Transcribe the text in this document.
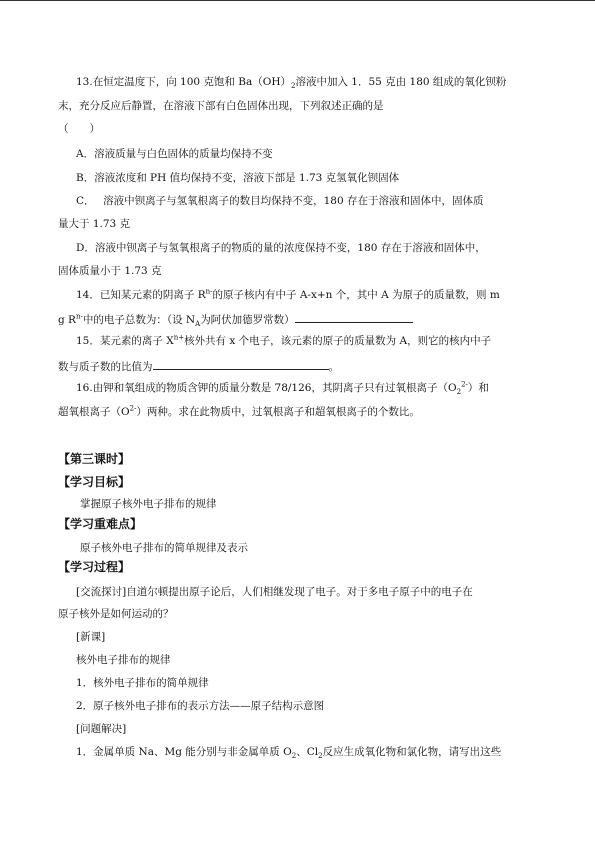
13.在恒定温度下，向 100 克饱和 $Ba(OH)_2$溶液中加入 1．55 克由 180 组成的氧化钡粉
末，充分反应后静置，在溶液下部有白色固体出现，下列叙述正确的是
（　　）
A．溶液质量与白色固体的质量均保持不变
B．溶液浓度和 PH 值均保持不变，溶液下部是 1.73 克氢氧化钡固体
C．　 溶液中钡离子与氢氧根离子的数目均保持不变，180 存在于溶液和固体中，固体质
量大于 1.73 克
D．溶液中钡离子与氢氧根离子的物质的量的浓度保持不变，180 存在于溶液和固体中，
固体质量小于 1.73 克
14．已知某元素的阴离子 $R^{n-}$的原子核内有中子 A-x+n 个，其中 A 为原子的质量数，则 m
g $R^{n-}$中的电子总数为：（设 $N_A$为阿伏加德罗常数）
15．某元素的离子 $X^{n+}$核外共有 x 个电子，该元素的原子的质量数为 A，则它的核内中子
数与质子数的比值为	。
16.由钾和氧组成的物质含钾的质量分数是 78/126，其阴离子只有过氧根离子$(O_2^{2-})$和
超氧根离子$(O^{2-})$两种。求在此物质中，过氧根离子和超氧根离子的个数比。
【第三课时】
【学习目标】
掌握原子核外电子排布的规律
【学习重难点】
原子核外电子排布的简单规律及表示
【学习过程】
[交流探讨]自道尔顿提出原子论后，人们相继发现了电子。对于多电子原子中的电子在
原子核外是如何运动的？
[新课]
核外电子排布的规律
1．核外电子排布的简单规律
2．原子核外电子排布的表示方法——原子结构示意图
[问题解决]
1．金属单质 Na、Mg 能分别与非金属单质 $O_2$、$Cl_2$反应生成氧化物和氯化物，请写出这些
